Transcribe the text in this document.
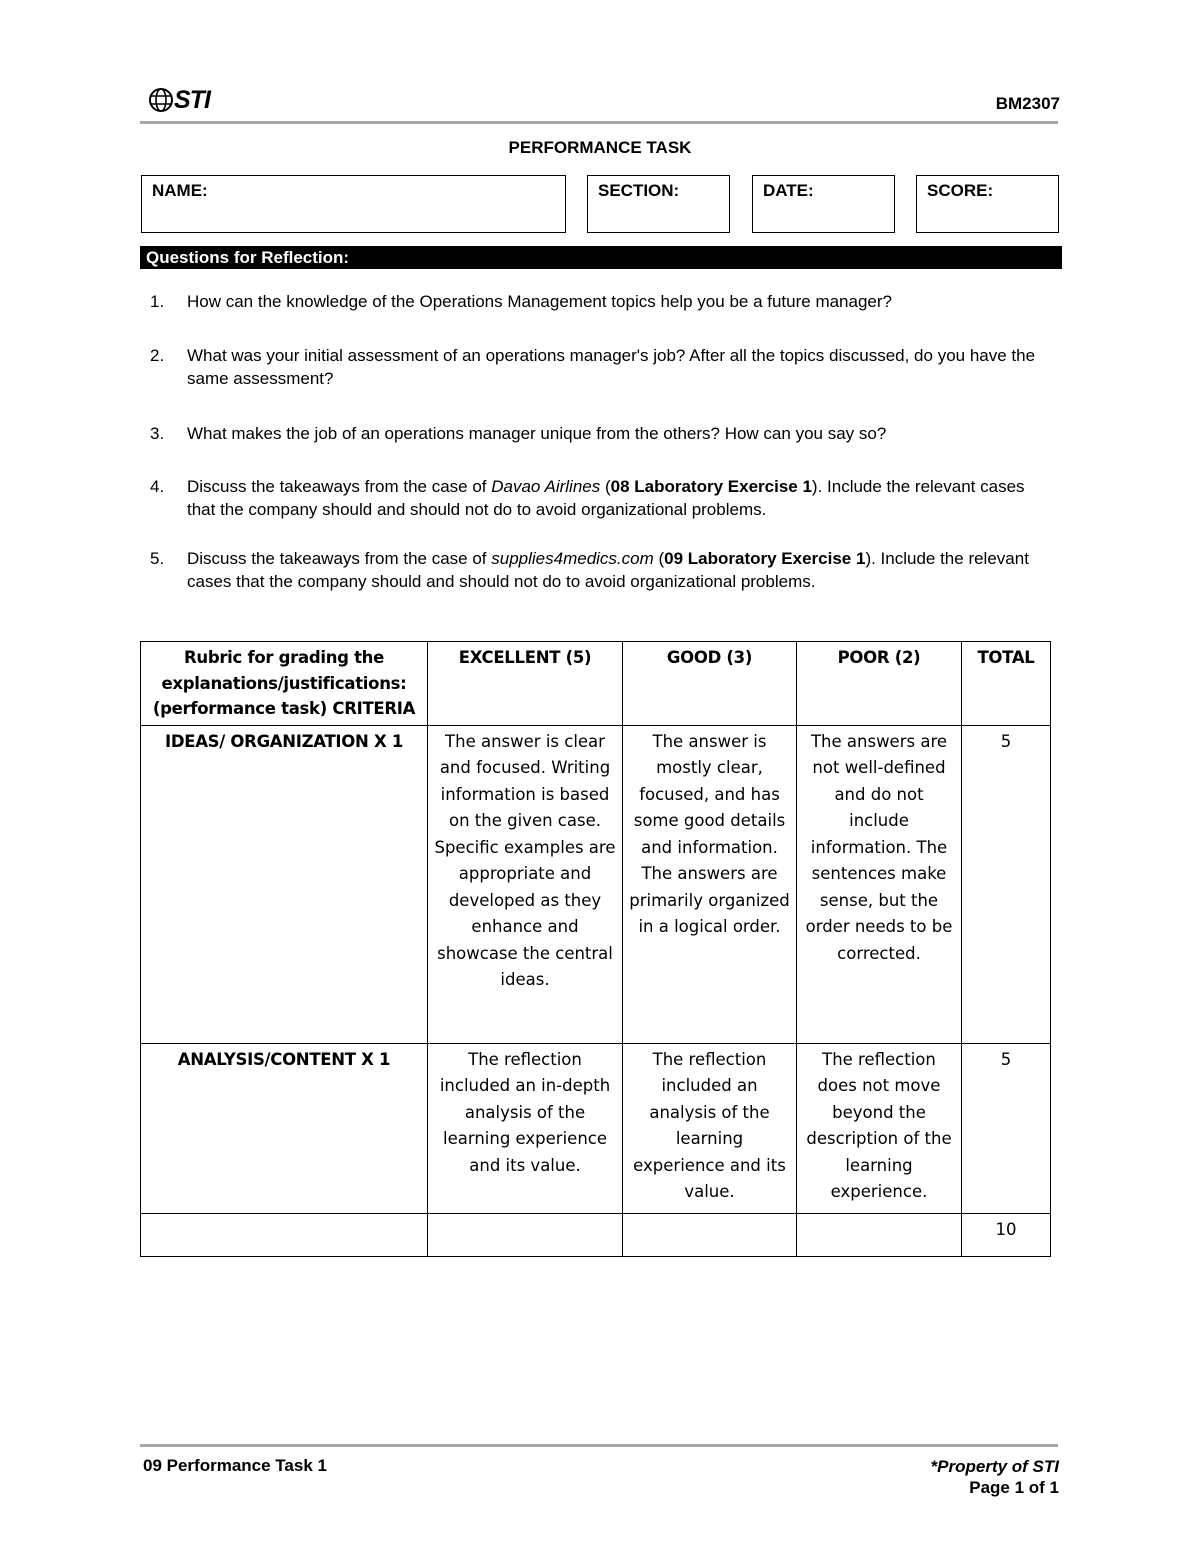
STI	BM2307
PERFORMANCE TASK
NAME:	SECTION:	DATE:	SCORE:
Questions for Reflection:
1.	How can the knowledge of the Operations Management topics help you be a future manager?
2.	What was your initial assessment of an operations manager's job? After all the topics discussed, do you have the same assessment?
3.	What makes the job of an operations manager unique from the others? How can you say so?
4.	Discuss the takeaways from the case of Davao Airlines (08 Laboratory Exercise 1). Include the relevant cases that the company should and should not do to avoid organizational problems.
5.	Discuss the takeaways from the case of supplies4medics.com (09 Laboratory Exercise 1). Include the relevant cases that the company should and should not do to avoid organizational problems.
Rubric for grading the explanations/justifications: (performance task) CRITERIA	EXCELLENT (5)	GOOD (3)	POOR (2)	TOTAL
IDEAS/ ORGANIZATION X 1	The answer is clear and focused. Writing information is based on the given case. Specific examples are appropriate and developed as they enhance and showcase the central ideas.	The answer is mostly clear, focused, and has some good details and information. The answers are primarily organized in a logical order.	The answers are not well-defined and do not include information. The sentences make sense, but the order needs to be corrected.	5
ANALYSIS/CONTENT X 1	The reflection included an in-depth analysis of the learning experience and its value.	The reflection included an analysis of the learning experience and its value.	The reflection does not move beyond the description of the learning experience.	5
				10
09 Performance Task 1	*Property of STI
Page 1 of 1
